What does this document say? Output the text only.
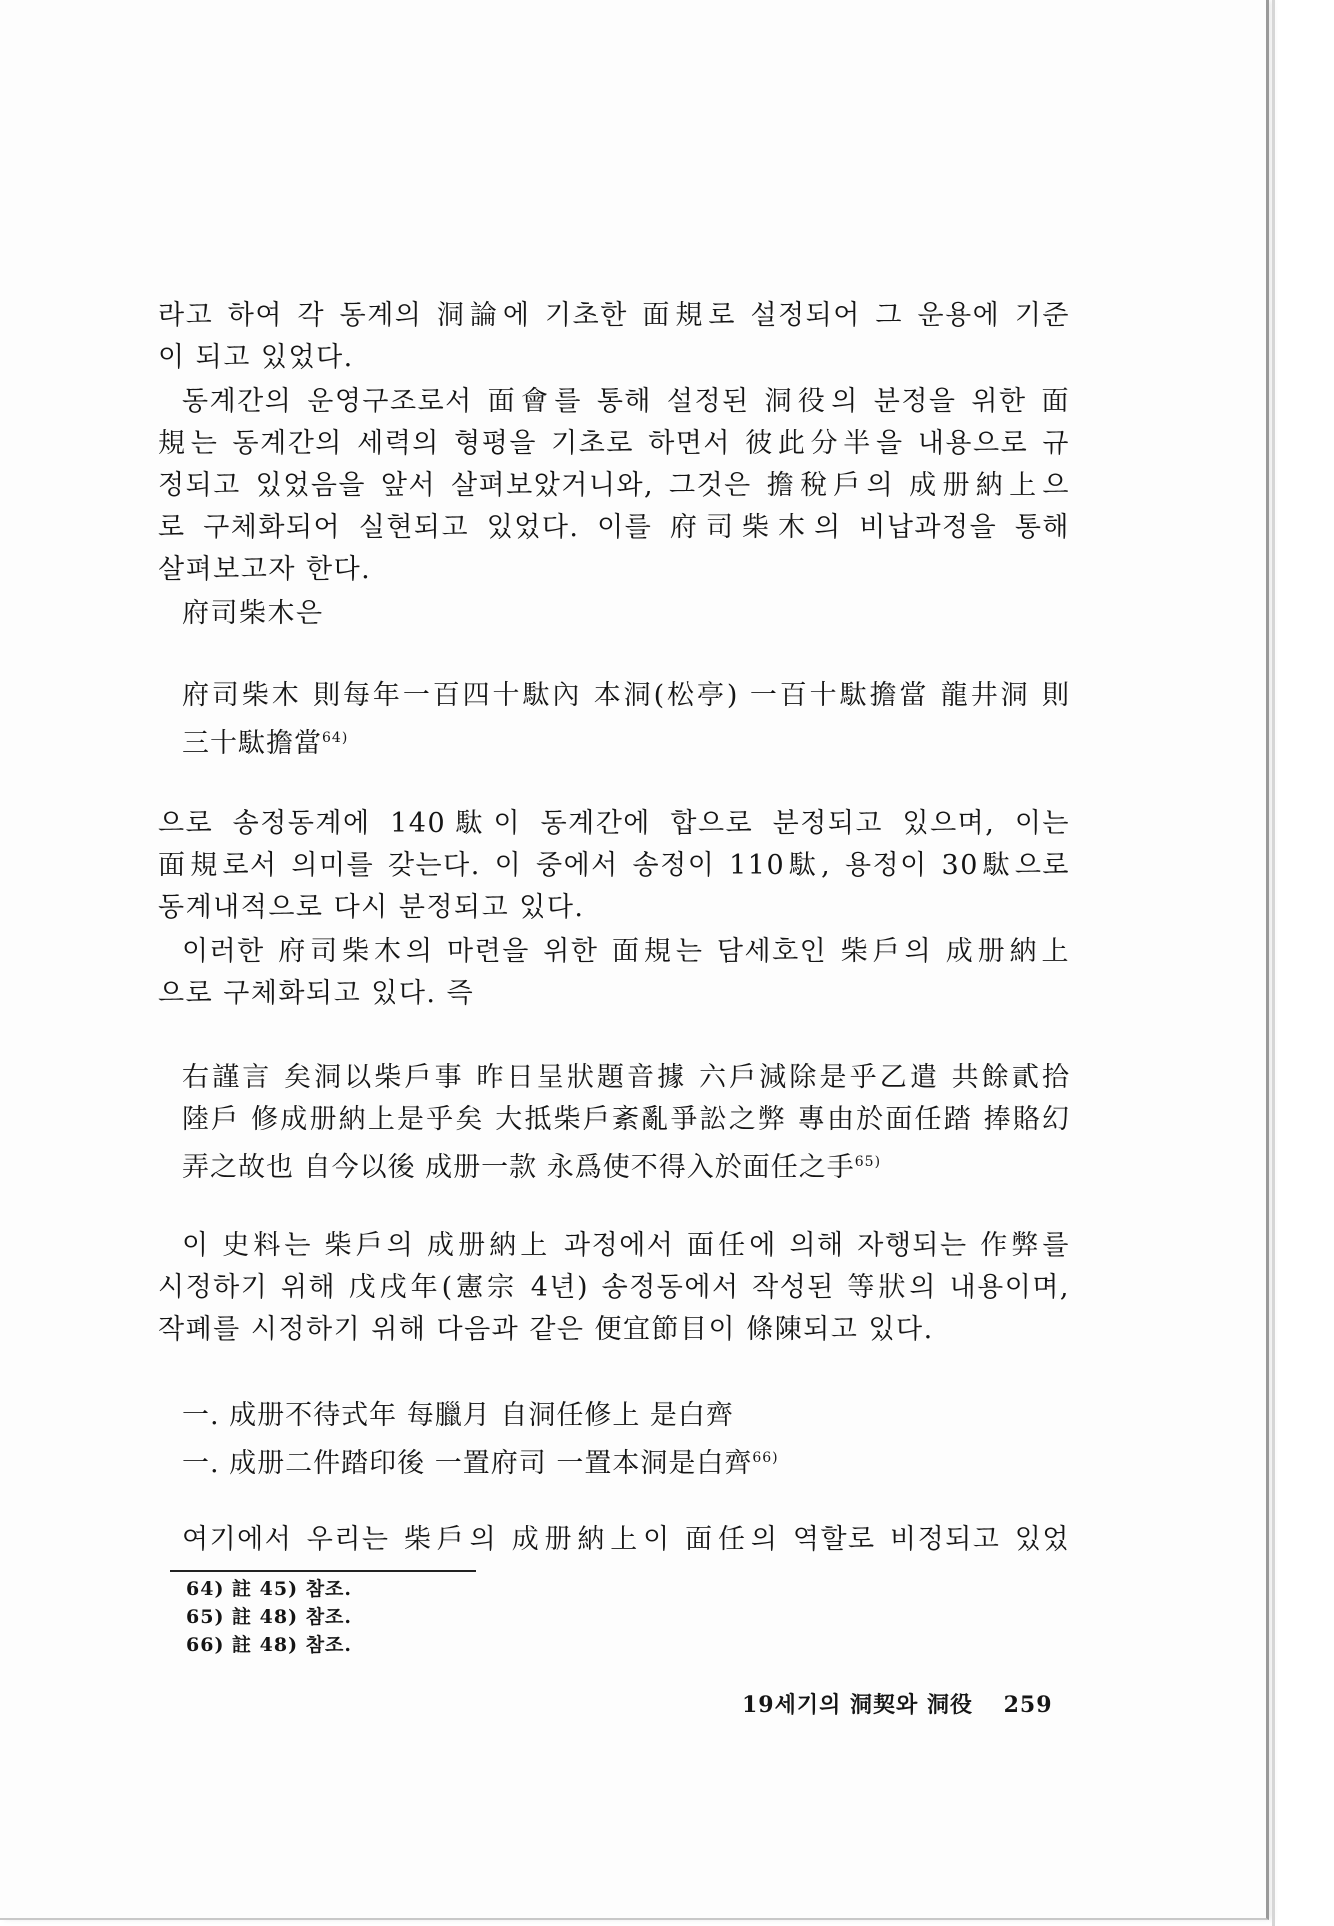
라고 하여 각 동계의 洞論에 기초한 面規로 설정되어 그 운용에 기준
이 되고 있었다.
동계간의 운영구조로서 面會를 통해 설정된 洞役의 분정을 위한 面
規는 동계간의 세력의 형평을 기초로 하면서 彼此分半을 내용으로 규
정되고 있었음을 앞서 살펴보았거니와, 그것은 擔稅戶의 成册納上으
로 구체화되어 실현되고 있었다. 이를 府司柴木의 비납과정을 통해
살펴보고자 한다.
府司柴木은
府司柴木 則每年一百四十駄內 本洞(松亭) 一百十駄擔當 龍井洞 則
三十駄擔當$^{64)}$
으로 송정동계에 140駄이 동계간에 합으로 분정되고 있으며, 이는
面規로서 의미를 갖는다. 이 중에서 송정이 110駄, 용정이 30駄으로
동계내적으로 다시 분정되고 있다.
이러한 府司柴木의 마련을 위한 面規는 담세호인 柴戶의 成册納上
으로 구체화되고 있다. 즉
右謹言 矣洞以柴戶事 昨日呈狀題音據 六戶減除是乎乙遣 共餘貳拾
陸戶 修成册納上是乎矣 大抵柴戶紊亂爭訟之弊 專由於面任踏 捧賂幻
弄之故也 自今以後 成册一款 永爲使不得入於面任之手$^{65)}$
이 史料는 柴戶의 成册納上 과정에서 面任에 의해 자행되는 作弊를
시정하기 위해 戊戌年(憲宗 4년) 송정동에서 작성된 等狀의 내용이며,
작폐를 시정하기 위해 다음과 같은 便宜節目이 條陳되고 있다.
一. 成册不待式年 每臘月 自洞任修上 是白齊
一. 成册二件踏印後 一置府司 一置本洞是白齊$^{66)}$
여기에서 우리는 柴戶의 成册納上이 面任의 역할로 비정되고 있었
64) 註 45) 참조.
65) 註 48) 참조.
66) 註 48) 참조.
19세기의 洞契와 洞役 259
